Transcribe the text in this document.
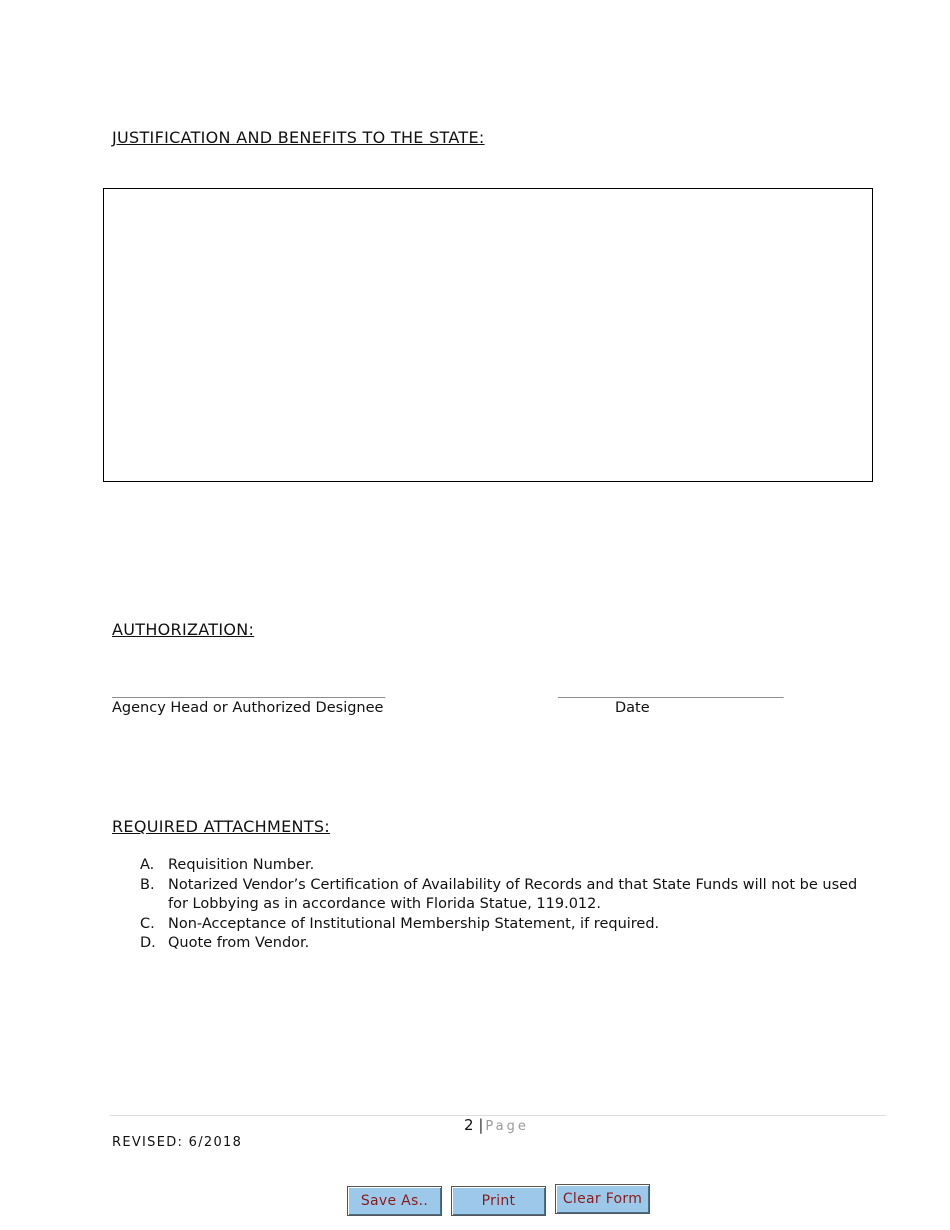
JUSTIFICATION AND BENEFITS TO THE STATE:
AUTHORIZATION:
________________________________________	_________________________________
Agency Head or Authorized Designee	Date
REQUIRED ATTACHMENTS:
A. Requisition Number.
B. Notarized Vendor’s Certification of Availability of Records and that State Funds will not be used for Lobbying as in accordance with Florida Statue, 119.012.
C. Non-Acceptance of Institutional Membership Statement, if required.
D. Quote from Vendor.
2 | Page
REVISED: 6/2018
Save As..	Print	Clear Form
